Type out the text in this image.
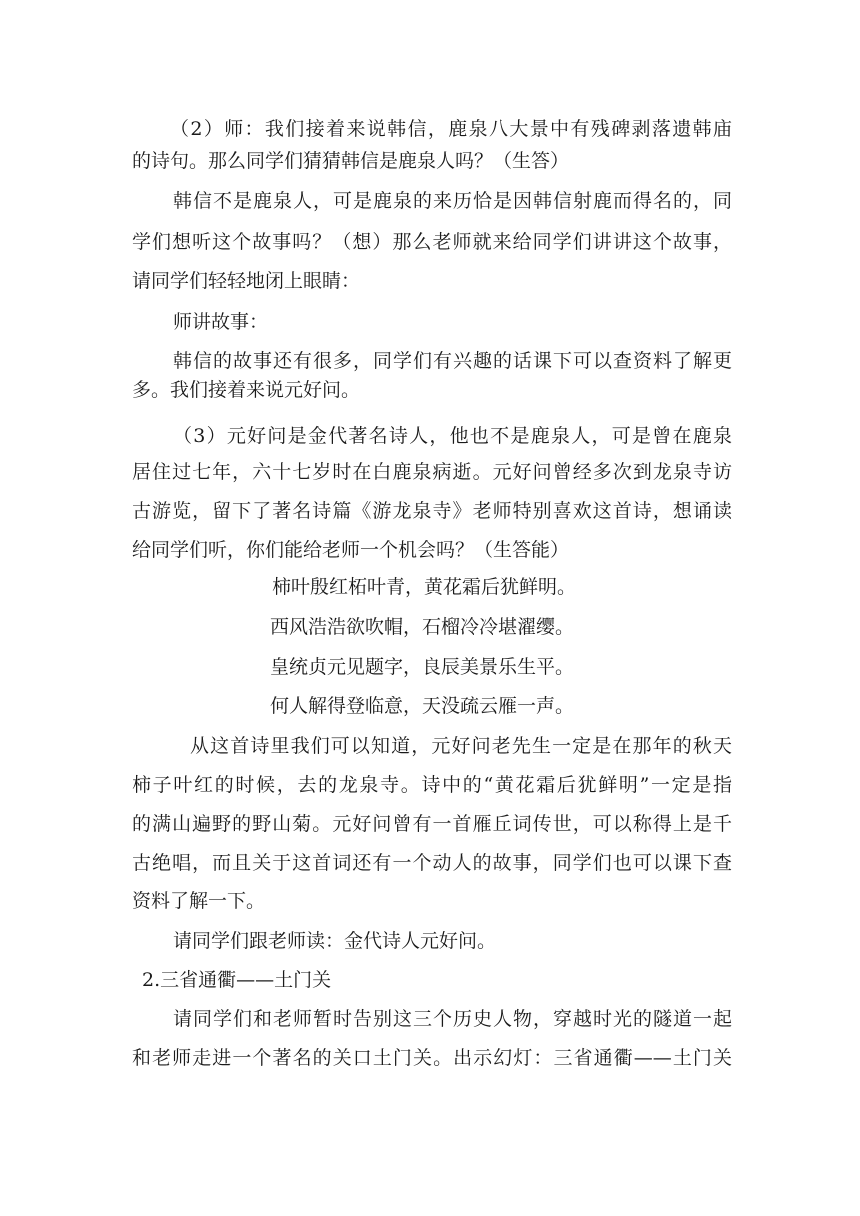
（2）师：我们接着来说韩信，鹿泉八大景中有残碑剥落遗韩庙
的诗句。那么同学们猜猜韩信是鹿泉人吗？（生答）
韩信不是鹿泉人，可是鹿泉的来历恰是因韩信射鹿而得名的，同
学们想听这个故事吗？（想）那么老师就来给同学们讲讲这个故事，
请同学们轻轻地闭上眼睛：
师讲故事：
韩信的故事还有很多，同学们有兴趣的话课下可以查资料了解更
多。我们接着来说元好问。
（3）元好问是金代著名诗人，他也不是鹿泉人，可是曾在鹿泉
居住过七年，六十七岁时在白鹿泉病逝。元好问曾经多次到龙泉寺访
古游览，留下了著名诗篇《游龙泉寺》老师特别喜欢这首诗，想诵读
给同学们听，你们能给老师一个机会吗？（生答能）
柿叶殷红柘叶青，黄花霜后犹鲜明。
西风浩浩欲吹帽，石榴冷冷堪濯缨。
皇统贞元见题字，良辰美景乐生平。
何人解得登临意，天没疏云雁一声。
从这首诗里我们可以知道，元好问老先生一定是在那年的秋天
柿子叶红的时候，去的龙泉寺。诗中的“黄花霜后犹鲜明”一定是指
的满山遍野的野山菊。元好问曾有一首雁丘词传世，可以称得上是千
古绝唱，而且关于这首词还有一个动人的故事，同学们也可以课下查
资料了解一下。
请同学们跟老师读：金代诗人元好问。
2.三省通衢——土门关
请同学们和老师暂时告别这三个历史人物，穿越时光的隧道一起
和老师走进一个著名的关口土门关。出示幻灯：三省通衢——土门关
